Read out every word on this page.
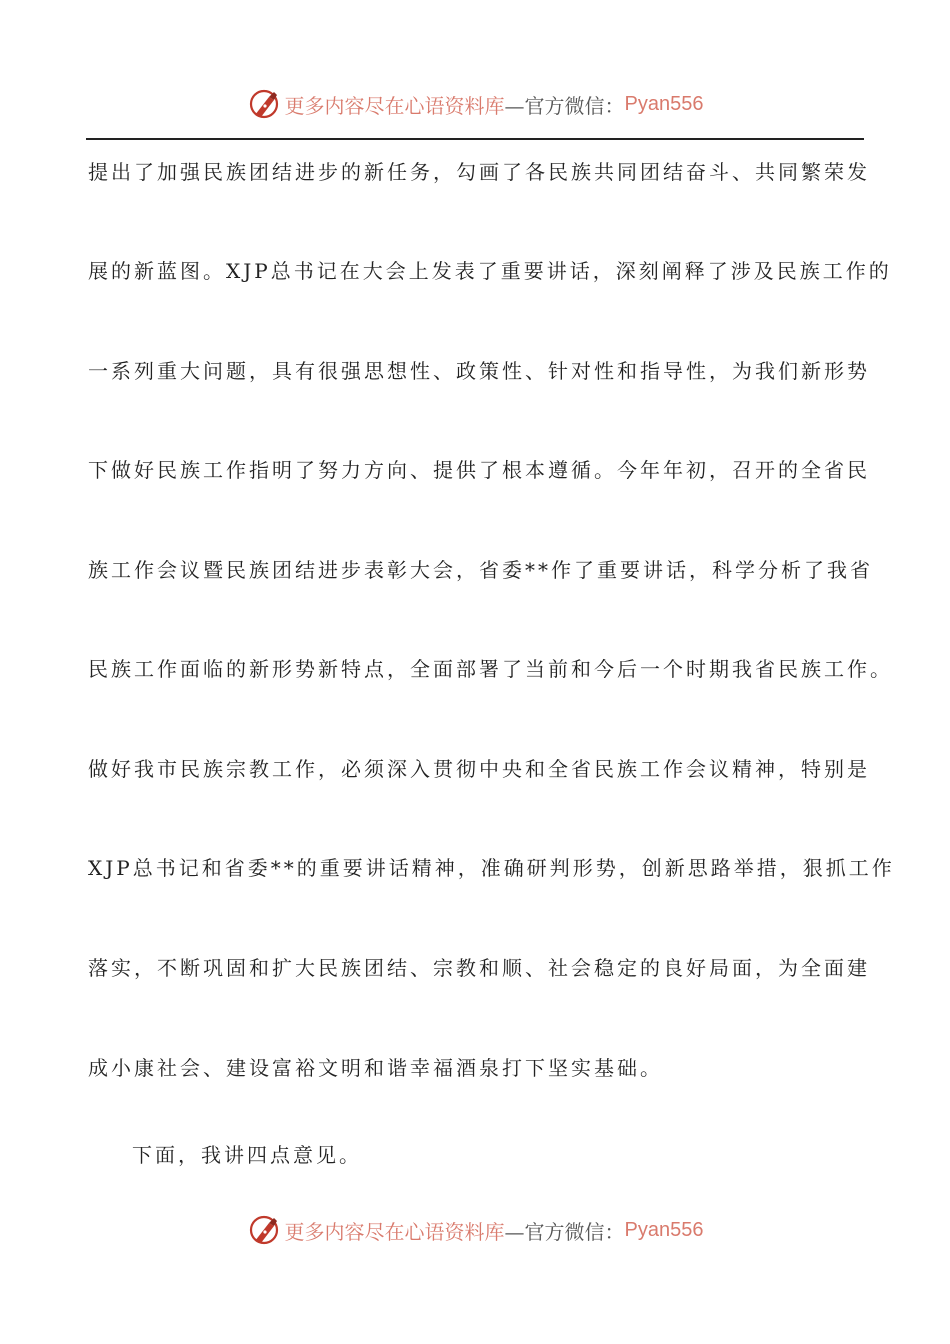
更多内容尽在心语资料库 —官方微信： Pyan556
提出了加强民族团结进步的新任务，勾画了各民族共同团结奋斗、共同繁荣发
展的新蓝图。XJP总书记在大会上发表了重要讲话，深刻阐释了涉及民族工作的
一系列重大问题，具有很强思想性、政策性、针对性和指导性，为我们新形势
下做好民族工作指明了努力方向、提供了根本遵循。今年年初，召开的全省民
族工作会议暨民族团结进步表彰大会，省委**作了重要讲话，科学分析了我省
民族工作面临的新形势新特点，全面部署了当前和今后一个时期我省民族工作。
做好我市民族宗教工作，必须深入贯彻中央和全省民族工作会议精神，特别是
XJP总书记和省委**的重要讲话精神，准确研判形势，创新思路举措，狠抓工作
落实，不断巩固和扩大民族团结、宗教和顺、社会稳定的良好局面，为全面建
成小康社会、建设富裕文明和谐幸福酒泉打下坚实基础。
下面，我讲四点意见。
更多内容尽在心语资料库 —官方微信： Pyan556
